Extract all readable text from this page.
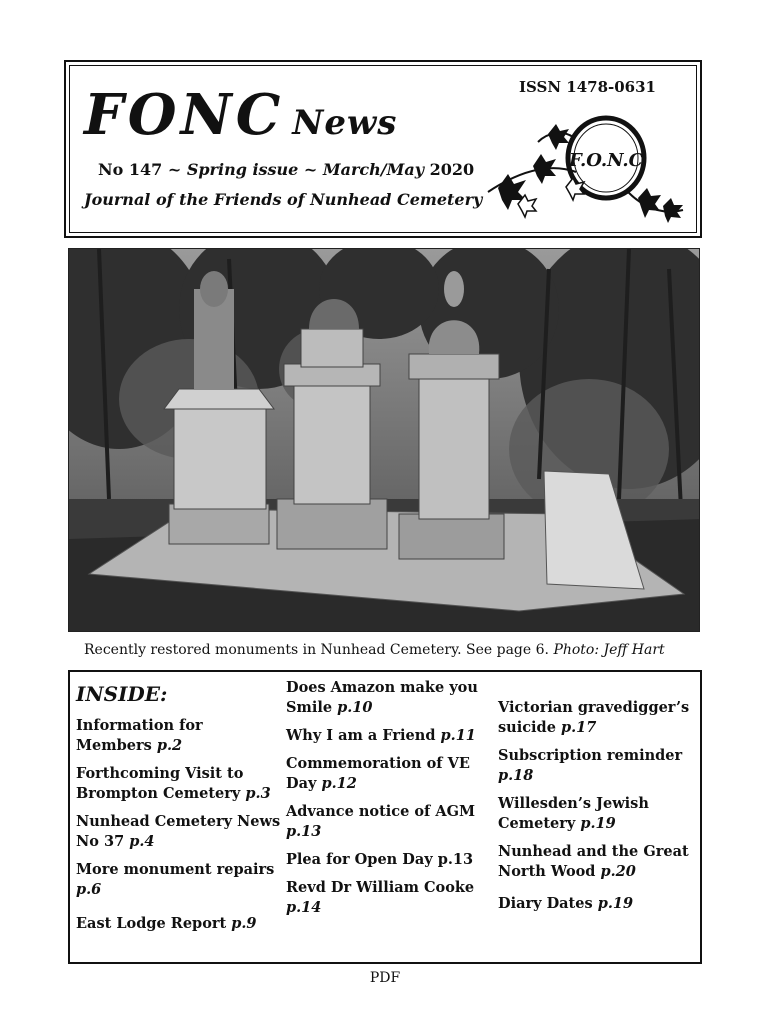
FONC News
ISSN 1478-0631
No 147 ~ Spring issue ~ March/May 2020
Journal of the Friends of Nunhead Cemetery
F.O.N.C
Recently restored monuments in Nunhead Cemetery. See page 6. Photo: Jeff Hart
INSIDE:
Information for Members p.2
Forthcoming Visit to Brompton Cemetery p.3
Nunhead Cemetery News No 37 p.4
More monument repairs p.6
East Lodge Report p.9
Does Amazon make you Smile p.10
Why I am a Friend p.11
Commemoration of VE Day p.12
Advance notice of AGM p.13
Plea for Open Day p.13
Revd Dr William Cooke p.14
Victorian gravedigger’s suicide p.17
Subscription reminder p.18
Willesden’s Jewish Cemetery p.19
Nunhead and the Great North Wood p.20
Diary Dates p.19
PDF
